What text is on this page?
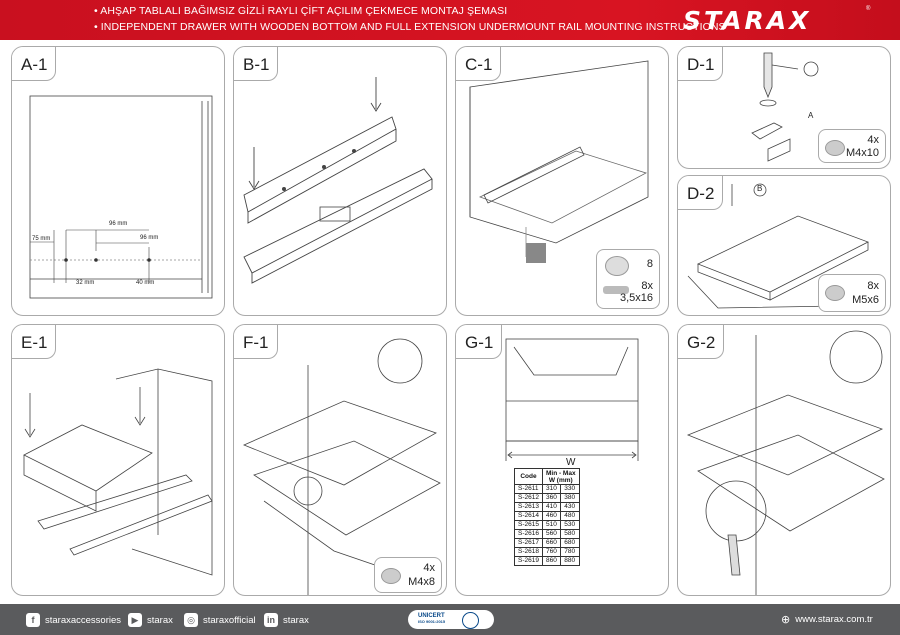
• AHŞAP TABLALI BAĞIMSIZ GİZLİ RAYLI ÇİFT AÇILIM ÇEKMECE MONTAJ ŞEMASI
• INDEPENDENT DRAWER WITH WOODEN BOTTOM AND FULL EXTENSION UNDERMOUNT RAIL MOUNTING INSTRUCTIONS
STARAX	®
A-1
96 mm
96 mm
75 mm
32 mm	40 mm
B-1	C-1
8
8x
3,5x16
D-1
A
4x
M4x10
D-2	B
8x
M5x6
E-1	F-1
4x
M4x8
G-1
W
Code	Min - Max
W (mm)	
S-2611	310	330
S-2612	360	380
S-2613	410	430
S-2614	460	480
S-2615	510	530
S-2616	560	580
S-2617	660	680
S-2618	760	780
S-2619	860	880
G-2
f	staraxaccessories	▶ starax	◎ staraxofficial	in starax	UNICERT
ISO 9001:2015	⊕ www.starax.com.tr
